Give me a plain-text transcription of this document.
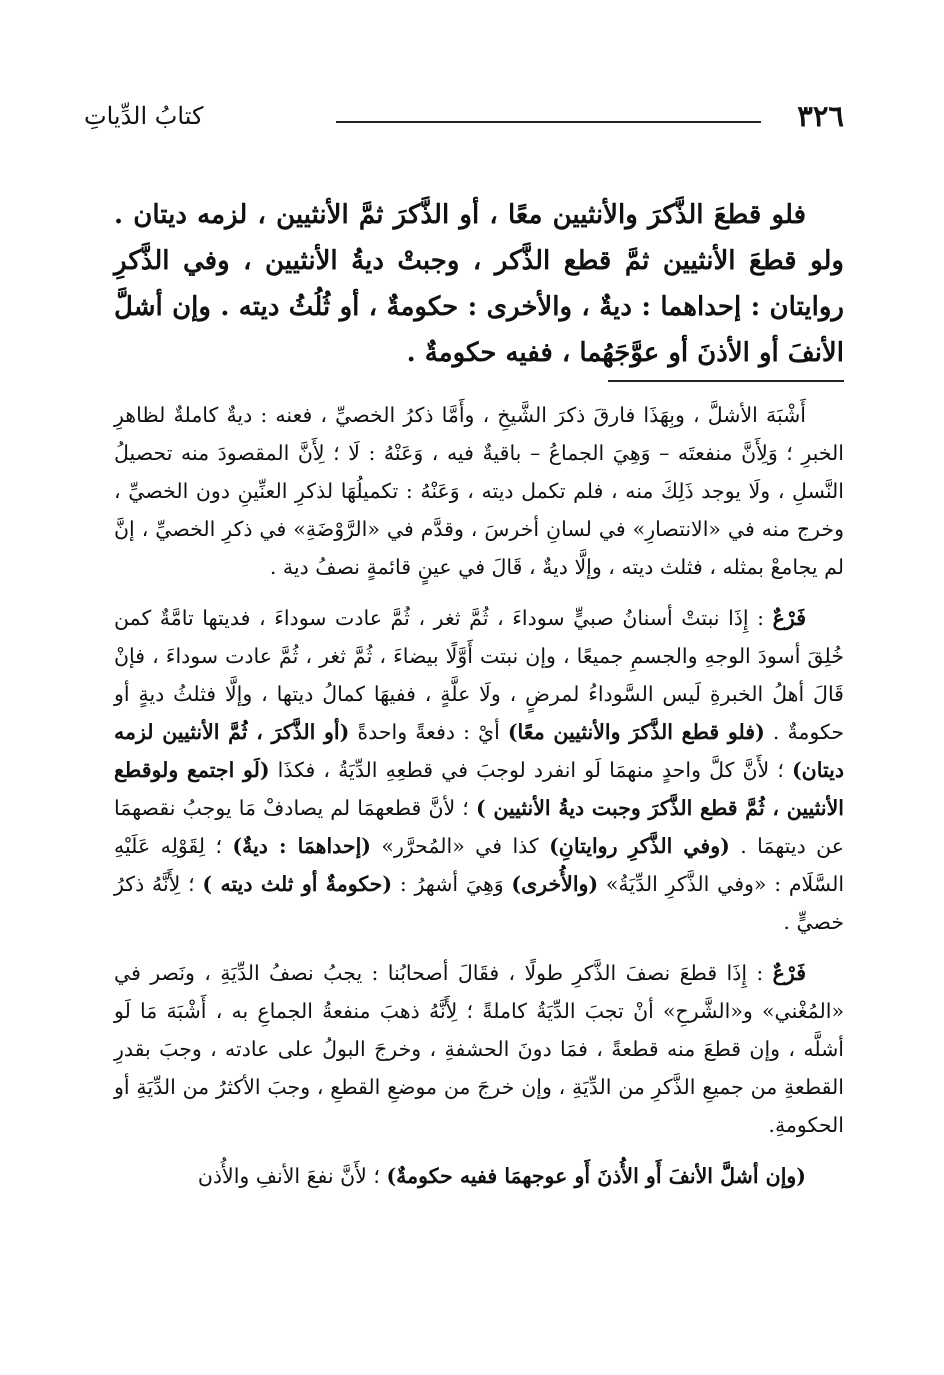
٣٢٦
كتابُ الدِّياتِ

فلو قطعَ الذَّكرَ والأنثيين معًا ، أو الذَّكرَ ثمَّ الأنثيين ، لزمه ديتان . ولو قطعَ الأنثيين ثمَّ قطع الذَّكر ، وجبتْ ديةُ الأنثيين ، وفي الذَّكرِ روايتان : إحداهما : ديةٌ ، والأخرى : حكومةٌ ، أو ثُلُثُ ديته . وإن أشلَّ الأنفَ أو الأذنَ أو عوَّجَهُما ، ففيه حكومةٌ .

أَشْبَهَ الأشلَّ ، وبِهَذَا فارقَ ذكرَ الشَّيخِ ، وأَمَّا ذكرُ الخصيِّ ، فعنه : ديةٌ كاملةٌ لظاهرِ الخبرِ ؛ وَلِأَنَّ منفعتَه – وَهِيَ الجماعُ – باقيةٌ فيه ، وَعَنْهُ : لَا ؛ لِأَنَّ المقصودَ منه تحصيلُ النَّسلِ ، ولَا يوجد ذَلِكَ منه ، فلم تكمل ديته ، وَعَنْهُ : تكميلُهَا لذكرِ العنِّينِ دون الخصيِّ ، وخرج منه في «الانتصارِ» في لسانِ أخرسَ ، وقدَّم في «الرَّوْضَةِ» في ذكرِ الخصيِّ ، إنَّ لم يجامعْ بمثله ، فثلث ديته ، وإلَّا ديةٌ ، قَالَ في عينٍ قائمةٍ نصفُ دية .

فَرْعٌ : إِذَا نبتتْ أسنانُ صبيٍّ سوداءَ ، ثُمَّ ثغر ، ثُمَّ عادت سوداءَ ، فديتها تامَّةٌ كمن خُلِقَ أسودَ الوجهِ والجسمِ جميعًا ، وإن نبتت أَوَّلًا بيضاءَ ، ثُمَّ ثغر ، ثُمَّ عادت سوداءَ ، فإنْ قَالَ أهلُ الخبرةِ لَيس السَّوداءُ لمرضٍ ، ولَا علَّةٍ ، ففيهَا كمالُ ديتها ، وإلَّا فثلثُ ديةٍ أو حكومةٌ . (فلو قطع الذَّكرَ والأنثيين معًا) أيْ : دفعةً واحدةً (أو الذَّكرَ ، ثُمَّ الأنثيين لزمه ديتان) ؛ لأَنَّ كلَّ واحدٍ منهمَا لَو انفرد لوجبَ في قطعِهِ الدِّيَةُ ، فكذَا (لَو اجتمع ولوقطع الأنثيين ، ثُمَّ قطع الذَّكرَ وجبت ديةُ الأنثيين ) ؛ لأنَّ قطعهمَا لم يصادفْ مَا يوجبُ نقصهمَا عن ديتهمَا . (وفي الذَّكرِ روايتانِ) كذا في «المُحرَّر» (إحداهمَا : ديةٌ) ؛ لِقَوْلِه عَلَيْهِ السَّلَام : «وفي الذَّكرِ الدِّيَةُ» (والأُخرى) وَهِيَ أشهرُ : (حكومةٌ أو ثلث ديته ) ؛ لِأَنَّهُ ذكرُ خصيٍّ .

فَرْعٌ : إِذَا قطعَ نصفَ الذَّكرِ طولًا ، فقَالَ أصحابُنا : يجبُ نصفُ الدِّيَةِ ، ونَصر في «المُغْني» و«الشَّرحِ» أنْ تجبَ الدِّيَةُ كاملةً ؛ لِأَنَّهُ ذهبَ منفعةُ الجماعِ به ، أَشْبَهَ مَا لَو أشلَّه ، وإن قطعَ منه قطعةً ، فمَا دونَ الحشفةِ ، وخرجَ البولُ على عادته ، وجبَ بقدرِ القطعةِ من جميعِ الذَّكرِ من الدِّيَةِ ، وإن خرجَ من موضعِ القطعِ ، وجبَ الأكثرُ من الدِّيَةِ أو الحكومةِ.

(وإن أشلَّ الأنفَ أَو الأُذنَ أَو عوجهمَا ففيه حكومةٌ) ؛ لأَنَّ نفعَ الأنفِ والأُذن
